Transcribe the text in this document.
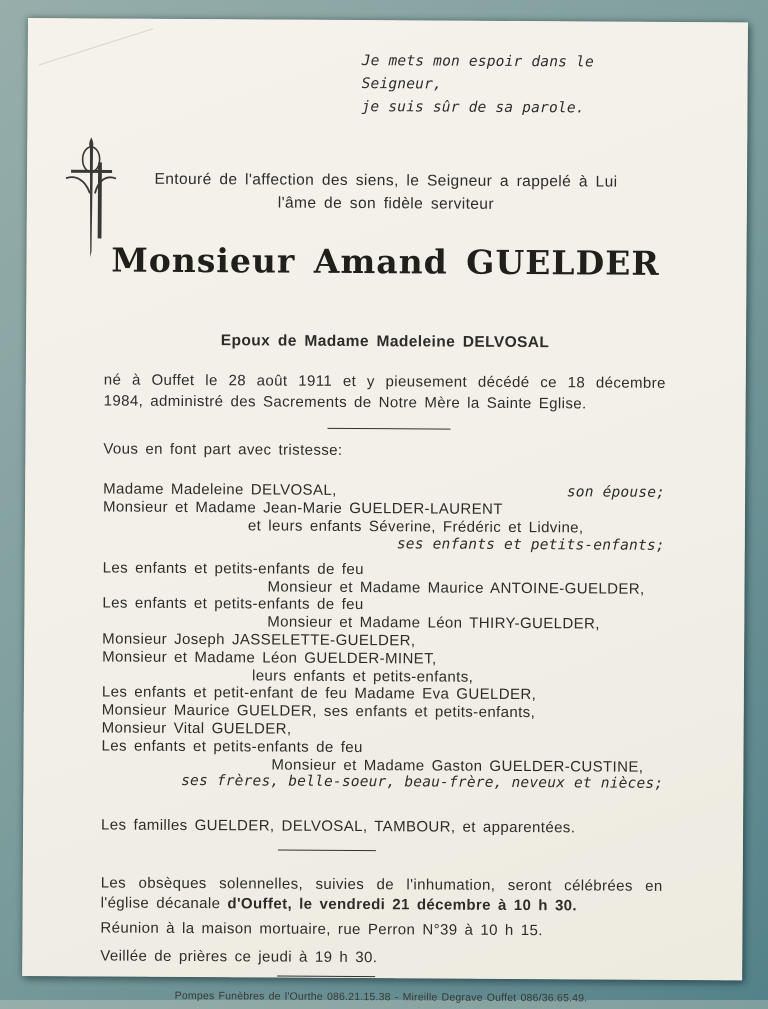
Je mets mon espoir dans le Seigneur,
je suis sûr de sa parole.
Entouré de l'affection des siens, le Seigneur a rappelé à Lui
l'âme de son fidèle serviteur
Monsieur Amand GUELDER
Epoux de Madame Madeleine DELVOSAL
né à Ouffet le 28 août 1911 et y pieusement décédé ce 18 décembre
1984, administré des Sacrements de Notre Mère la Sainte Eglise.
Vous en font part avec tristesse:
Madame Madeleine DELVOSAL,	son épouse;
Monsieur et Madame Jean-Marie GUELDER-LAURENT
et leurs enfants Séverine, Frédéric et Lidvine,
ses enfants et petits-enfants;
Les enfants et petits-enfants de feu
Monsieur et Madame Maurice ANTOINE-GUELDER,
Les enfants et petits-enfants de feu
Monsieur et Madame Léon THIRY-GUELDER,
Monsieur Joseph JASSELETTE-GUELDER,
Monsieur et Madame Léon GUELDER-MINET,
leurs enfants et petits-enfants,
Les enfants et petit-enfant de feu Madame Eva GUELDER,
Monsieur Maurice GUELDER, ses enfants et petits-enfants,
Monsieur Vital GUELDER,
Les enfants et petits-enfants de feu
Monsieur et Madame Gaston GUELDER-CUSTINE,
ses frères, belle-soeur, beau-frère, neveux et nièces;
Les familles GUELDER, DELVOSAL, TAMBOUR, et apparentées.
Les obsèques solennelles, suivies de l'inhumation, seront célébrées en
l'église décanale d'Ouffet, le vendredi 21 décembre à 10 h 30.
Réunion à la maison mortuaire, rue Perron N°39 à 10 h 15.
Veillée de prières ce jeudi à 19 h 30.
Pompes Funèbres de l'Ourthe 086.21.15.38 - Mireille Degrave Ouffet 086/36.65.49.
